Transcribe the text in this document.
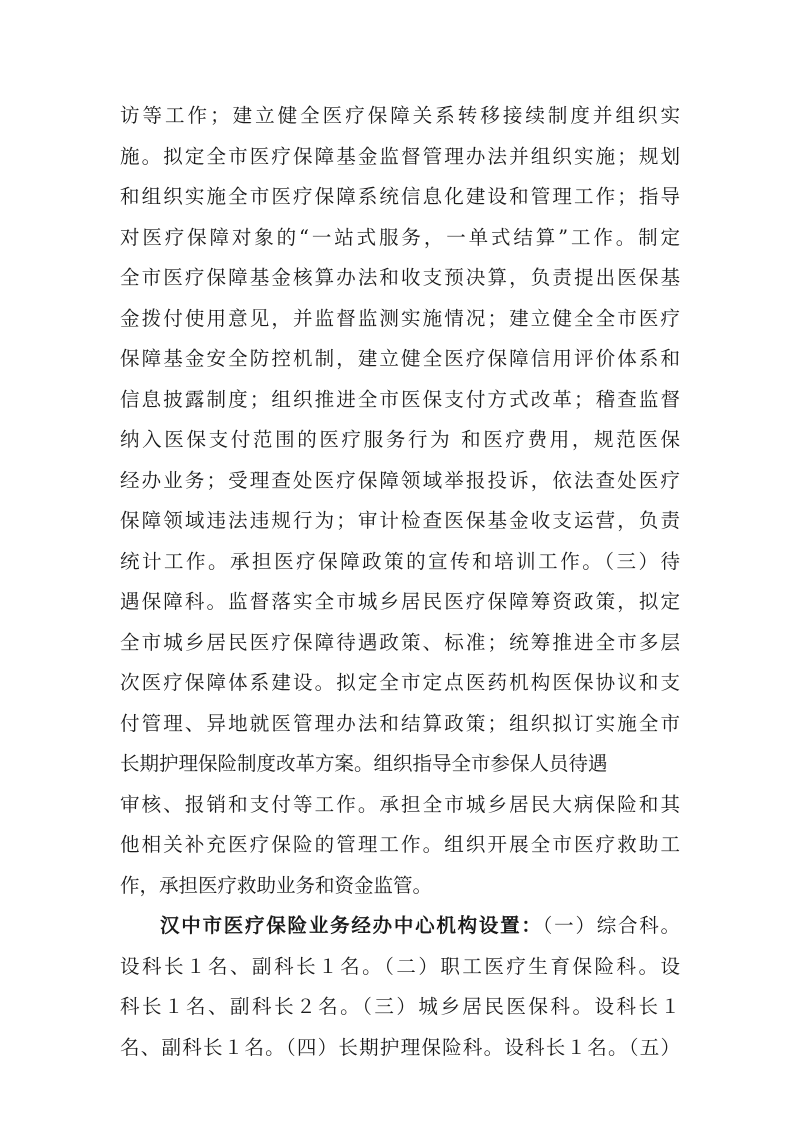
访等工作；建立健全医疗保障关系转移接续制度并组织实
施。拟定全市医疗保障基金监督管理办法并组织实施；规划
和组织实施全市医疗保障系统信息化建设和管理工作；指导
对医疗保障对象的“一站式服务，一单式结算”工作。制定
全市医疗保障基金核算办法和收支预决算，负责提出医保基
金拨付使用意见，并监督监测实施情况；建立健全全市医疗
保障基金安全防控机制，建立健全医疗保障信用评价体系和
信息披露制度；组织推进全市医保支付方式改革；稽查监督
纳入医保支付范围的医疗服务行为 和医疗费用，规范医保
经办业务；受理查处医疗保障领域举报投诉，依法查处医疗
保障领域违法违规行为；审计检查医保基金收支运营，负责
统计工作。承担医疗保障政策的宣传和培训工作。（三）待
遇保障科。监督落实全市城乡居民医疗保障筹资政策，拟定
全市城乡居民医疗保障待遇政策、标准；统筹推进全市多层
次医疗保障体系建设。拟定全市定点医药机构医保协议和支
付管理、异地就医管理办法和结算政策；组织拟订实施全市
长期护理保险制度改革方案。组织指导全市参保人员待遇
审核、报销和支付等工作。承担全市城乡居民大病保险和其
他相关补充医疗保险的管理工作。组织开展全市医疗救助工
作，承担医疗救助业务和资金监管。
汉中市医疗保险业务经办中心机构设置：（一）综合科。
设科长１名、副科长１名。（二）职工医疗生育保险科。设
科长１名、副科长２名。（三）城乡居民医保科。设科长１
名、副科长１名。（四）长期护理保险科。设科长１名。（五）
